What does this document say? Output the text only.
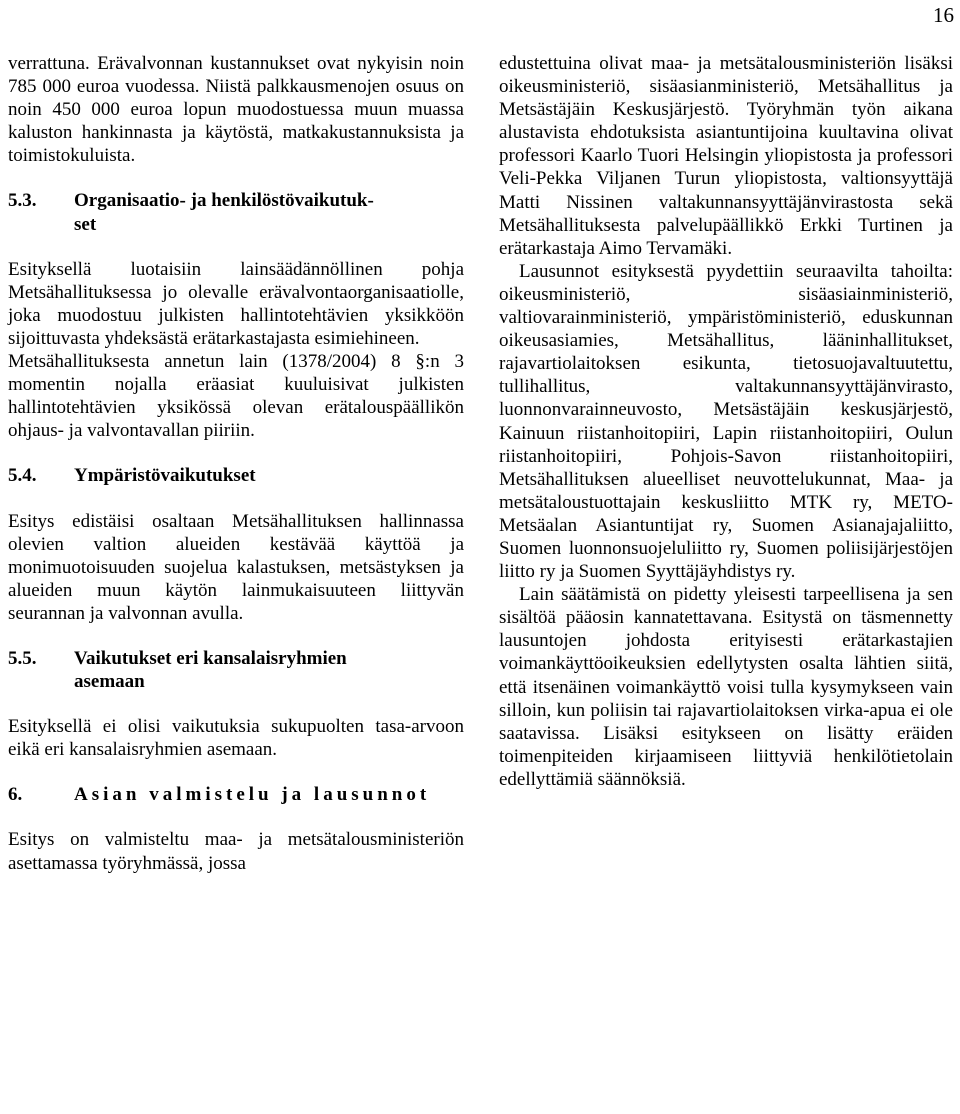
16

verrattuna. Erävalvonnan kustannukset ovat nykyisin noin 785 000 euroa vuodessa. Niistä palkkausmenojen osuus on noin 450 000 euroa lopun muodostuessa muun muassa kaluston hankinnasta ja käytöstä, matkakustannuksista ja toimistokuluista.

5.3. Organisaatio- ja henkilöstövaikutuk-
set

Esityksellä luotaisiin lainsäädännöllinen pohja Metsähallituksessa jo olevalle erävalvontaorganisaatiolle, joka muodostuu julkisten hallintotehtävien yksikköön sijoittuvasta yhdeksästä erätarkastajasta esimiehineen.

Metsähallituksesta annetun lain (1378/2004) 8 §:n 3 momentin nojalla eräasiat kuuluisivat julkisten hallintotehtävien yksikössä olevan erätalouspäällikön ohjaus- ja valvontavallan piiriin.

5.4. Ympäristövaikutukset

Esitys edistäisi osaltaan Metsähallituksen hallinnassa olevien valtion alueiden kestävää käyttöä ja monimuotoisuuden suojelua kalastuksen, metsästyksen ja alueiden muun käytön lainmukaisuuteen liittyvän seurannan ja valvonnan avulla.

5.5. Vaikutukset eri kansalaisryhmien
asemaan

Esityksellä ei olisi vaikutuksia sukupuolten tasa-arvoon eikä eri kansalaisryhmien asemaan.

6.	Asian valmistelu ja lausunnot

Esitys on valmisteltu maa- ja metsätalousministeriön asettamassa työryhmässä, jossa

edustettuina olivat maa- ja metsätalousministeriön lisäksi oikeusministeriö, sisäasianministeriö, Metsähallitus ja Metsästäjäin Keskusjärjestö. Työryhmän työn aikana alustavista ehdotuksista asiantuntijoina kuultavina olivat professori Kaarlo Tuori Helsingin yliopistosta ja professori Veli-Pekka Viljanen Turun yliopistosta, valtionsyyttäjä Matti Nissinen valtakunnansyyttäjänvirastosta sekä Metsähallituksesta palvelupäällikkö Erkki Turtinen ja erätarkastaja Aimo Tervamäki.

Lausunnot esityksestä pyydettiin seuraavilta tahoilta: oikeusministeriö, sisäasiainministeriö, valtiovarainministeriö, ympäristöministeriö, eduskunnan oikeusasiamies, Metsähallitus, lääninhallitukset, rajavartiolaitoksen esikunta, tietosuojavaltuutettu, tullihallitus, valtakunnansyyttäjänvirasto, luonnonvarainneuvosto, Metsästäjäin keskusjärjestö, Kainuun riistanhoitopiiri, Lapin riistanhoitopiiri, Oulun riistanhoitopiiri, Pohjois-Savon riistanhoitopiiri, Metsähallituksen alueelliset neuvottelukunnat, Maa- ja metsätaloustuottajain keskusliitto MTK ry, METO-Metsäalan Asiantuntijat ry, Suomen Asianajajaliitto, Suomen luonnonsuojeluliitto ry, Suomen poliisijärjestöjen liitto ry ja Suomen Syyttäjäyhdistys ry.

Lain säätämistä on pidetty yleisesti tarpeellisena ja sen sisältöä pääosin kannatettavana. Esitystä on täsmennetty lausuntojen johdosta erityisesti erätarkastajien voimankäyttöoikeuksien edellytysten osalta lähtien siitä, että itsenäinen voimankäyttö voisi tulla kysymykseen vain silloin, kun poliisin tai rajavartiolaitoksen virka-apua ei ole saatavissa. Lisäksi esitykseen on lisätty eräiden toimenpiteiden kirjaamiseen liittyviä henkilötietolain edellyttämiä säännöksiä.
